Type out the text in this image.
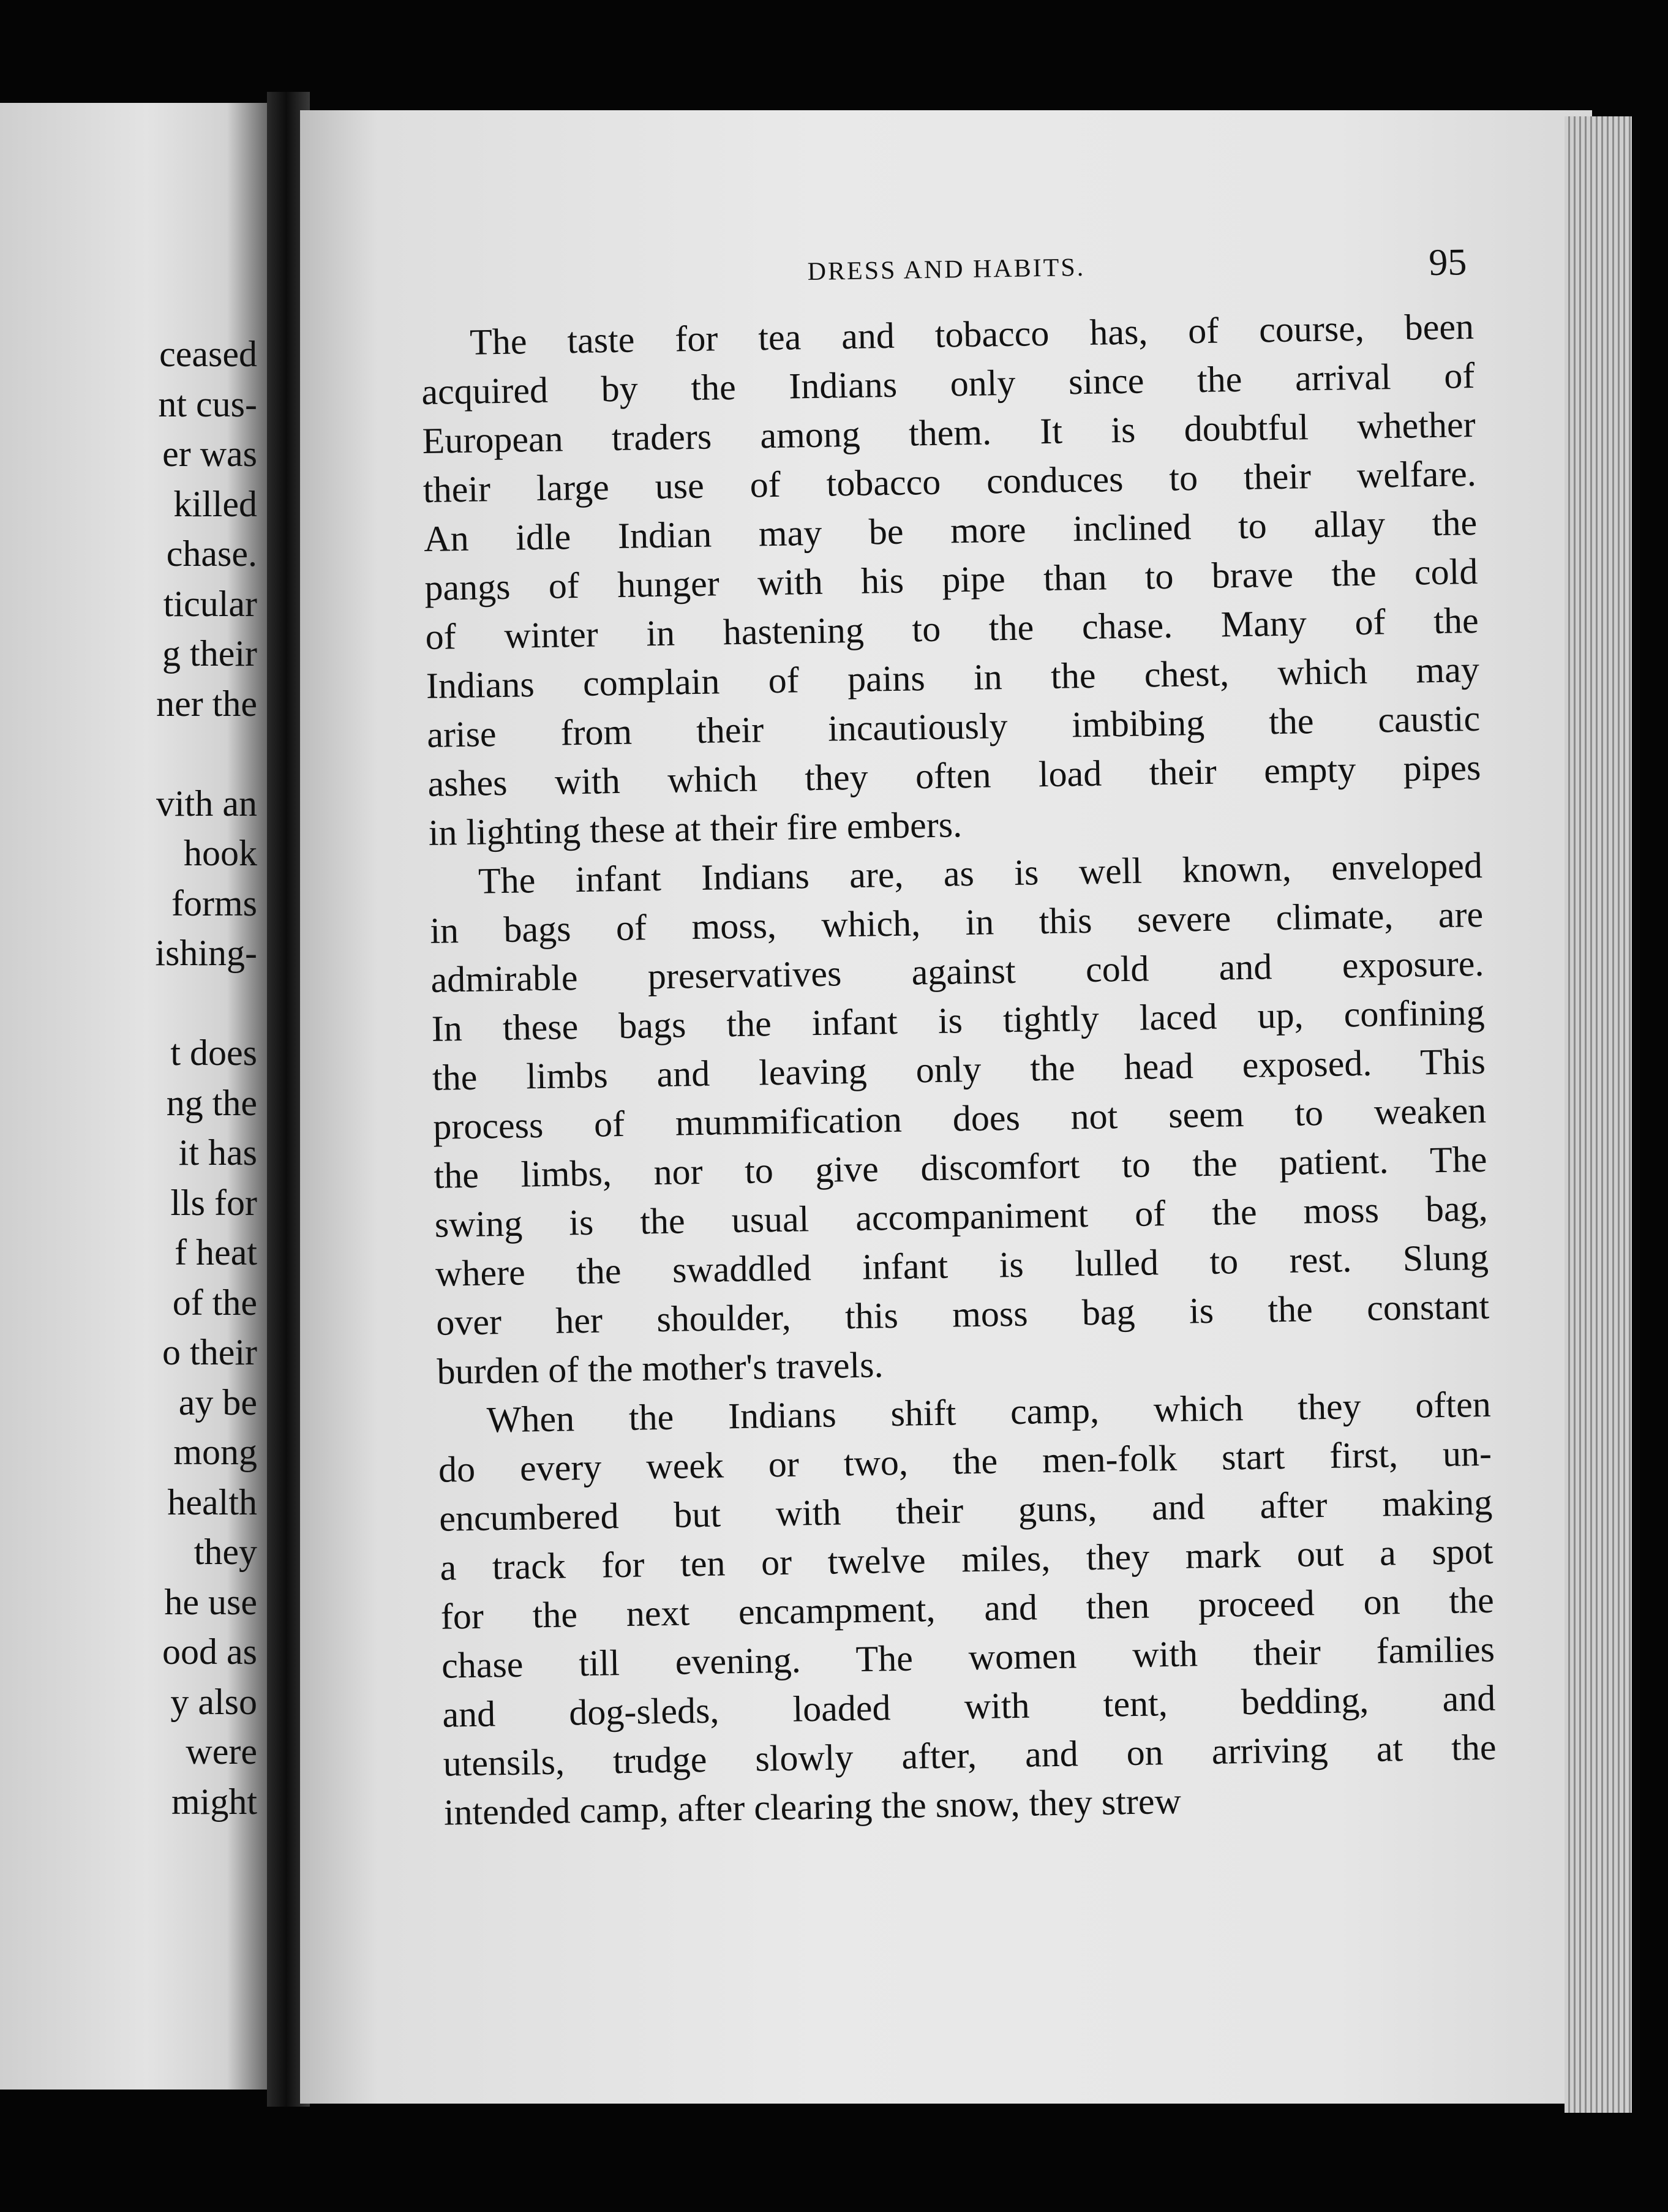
ceased
nt cus-
er was
killed
chase.
ticular
g their
ner the
vith an
hook
forms
ishing-
t does
ng the
it has
lls for
f heat
of the
o their
ay be
mong
health
they
he use
ood as
y also
were
might
DRESS AND HABITS.	95
The taste for tea and tobacco has, of course, been
acquired by the Indians only since the arrival of
European traders among them. It is doubtful whether
their large use of tobacco conduces to their welfare.
An idle Indian may be more inclined to allay the
pangs of hunger with his pipe than to brave the cold
of winter in hastening to the chase. Many of the
Indians complain of pains in the chest, which may
arise from their incautiously imbibing the caustic
ashes with which they often load their empty pipes
in lighting these at their fire embers.
The infant Indians are, as is well known, enveloped
in bags of moss, which, in this severe climate, are
admirable preservatives against cold and exposure.
In these bags the infant is tightly laced up, confining
the limbs and leaving only the head exposed. This
process of mummification does not seem to weaken
the limbs, nor to give discomfort to the patient. The
swing is the usual accompaniment of the moss bag,
where the swaddled infant is lulled to rest. Slung
over her shoulder, this moss bag is the constant
burden of the mother's travels.
When the Indians shift camp, which they often
do every week or two, the men-folk start first, un-
encumbered but with their guns, and after making
a track for ten or twelve miles, they mark out a spot
for the next encampment, and then proceed on the
chase till evening. The women with their families
and dog-sleds, loaded with tent, bedding, and
utensils, trudge slowly after, and on arriving at the
intended camp, after clearing the snow, they strew
